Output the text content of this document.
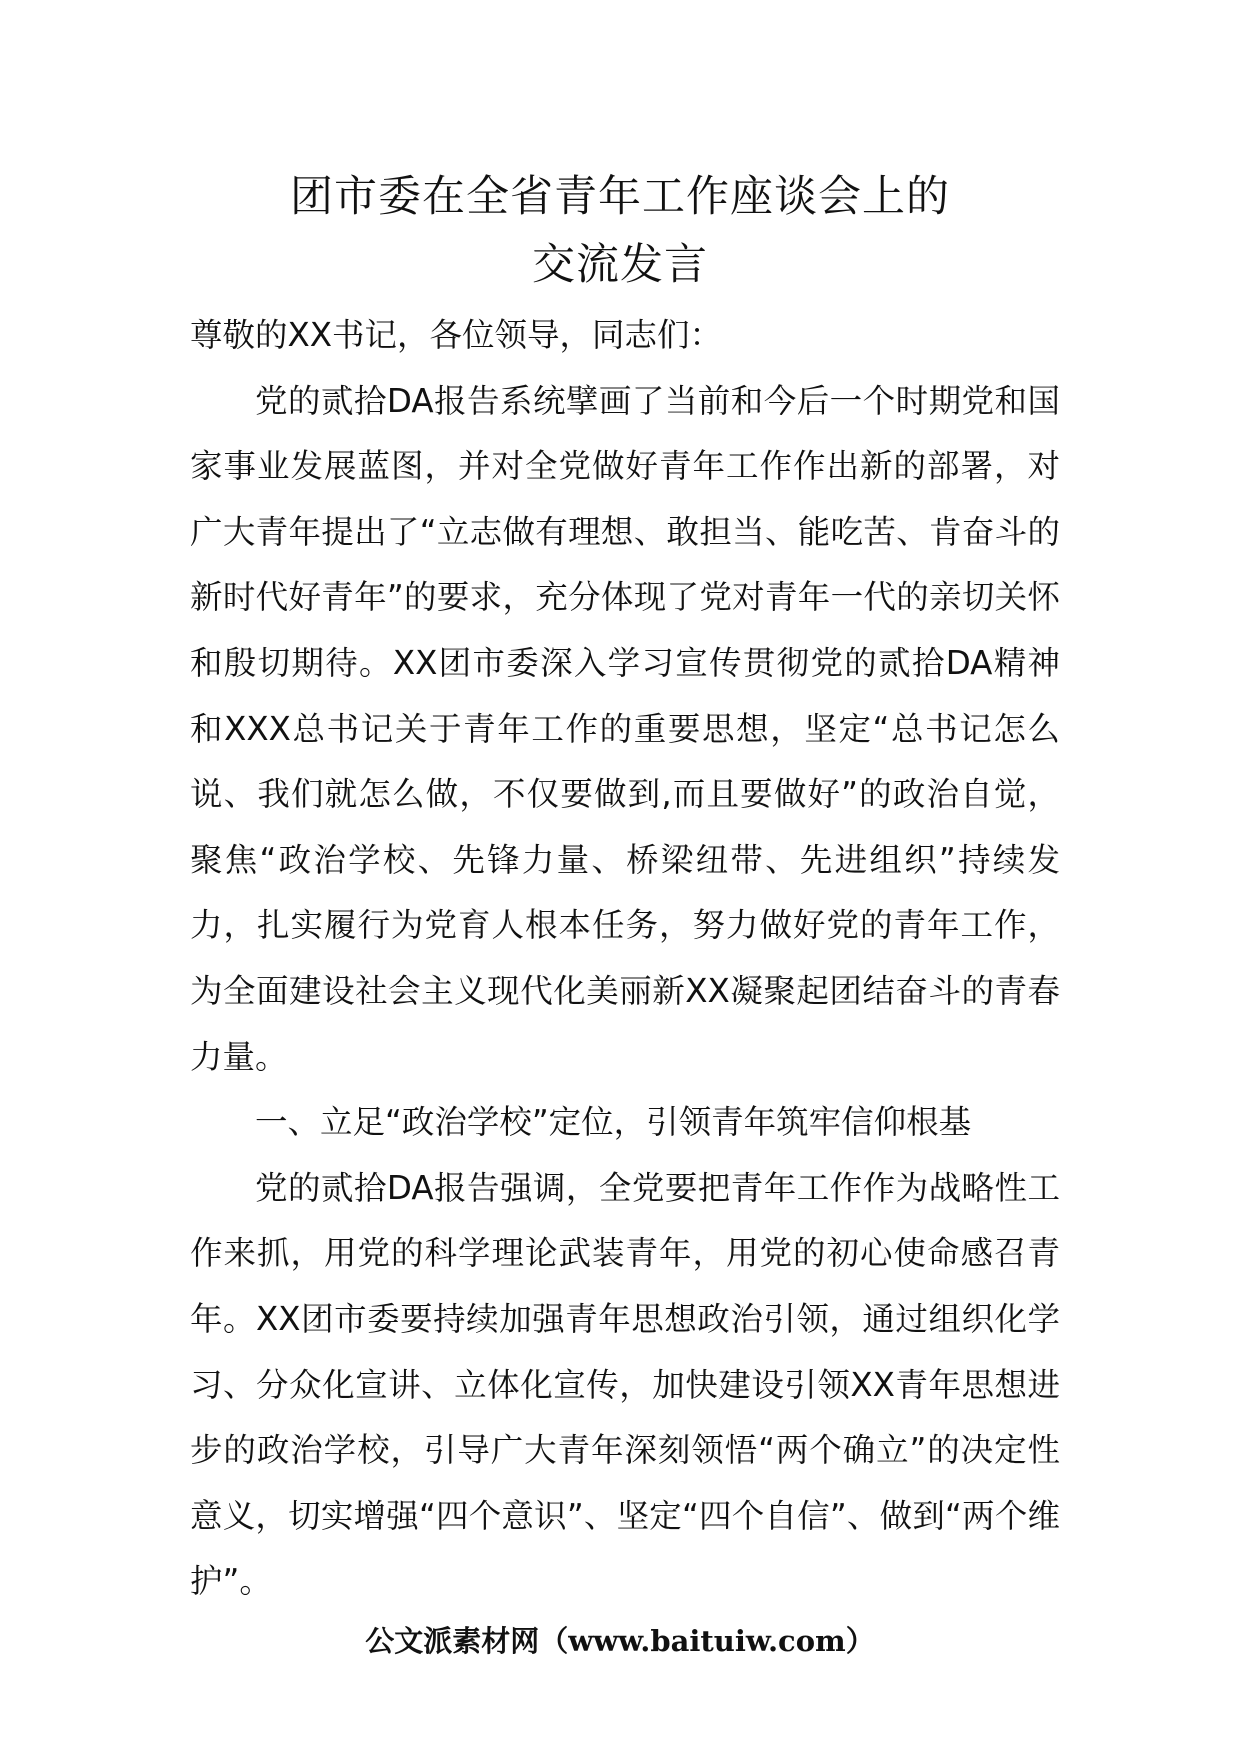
团市委在全省青年工作座谈会上的
交流发言

尊敬的XX书记，各位领导，同志们：

党的贰拾DA报告系统擘画了当前和今后一个时期党和国家事业发展蓝图，并对全党做好青年工作作出新的部署，对广大青年提出了“立志做有理想、敢担当、能吃苦、肯奋斗的新时代好青年”的要求，充分体现了党对青年一代的亲切关怀和殷切期待。XX团市委深入学习宣传贯彻党的贰拾DA精神和XXX总书记关于青年工作的重要思想，坚定“总书记怎么说、我们就怎么做，不仅要做到,而且要做好”的政治自觉，聚焦“政治学校、先锋力量、桥梁纽带、先进组织”持续发力，扎实履行为党育人根本任务，努力做好党的青年工作，为全面建设社会主义现代化美丽新XX凝聚起团结奋斗的青春力量。

一、立足“政治学校”定位，引领青年筑牢信仰根基

党的贰拾DA报告强调，全党要把青年工作作为战略性工作来抓，用党的科学理论武装青年，用党的初心使命感召青年。XX团市委要持续加强青年思想政治引领，通过组织化学习、分众化宣讲、立体化宣传，加快建设引领XX青年思想进步的政治学校，引导广大青年深刻领悟“两个确立”的决定性意义，切实增强“四个意识”、坚定“四个自信”、做到“两个维护”。

公文派素材网（www.baituiw.com）
